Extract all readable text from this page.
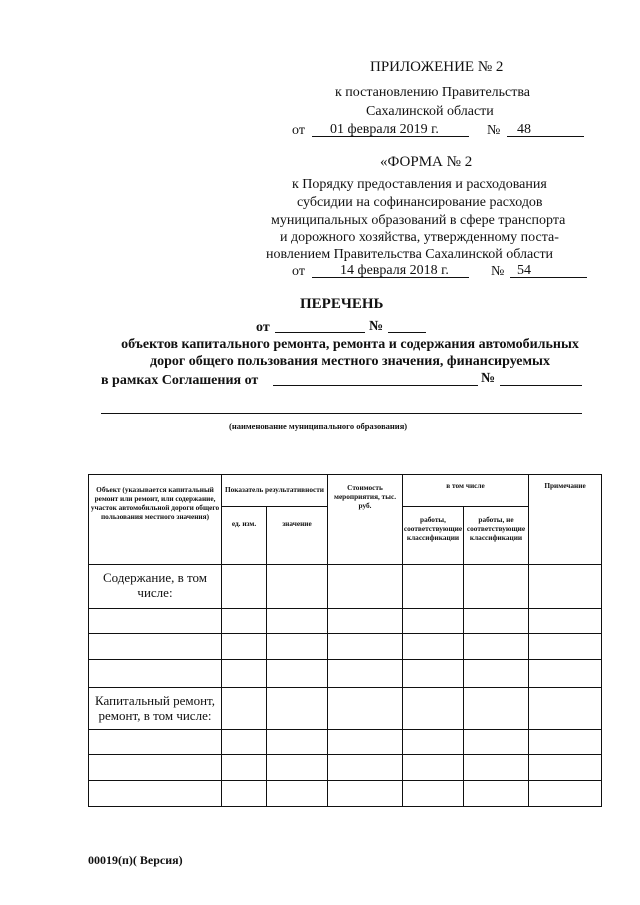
ПРИЛОЖЕНИЕ № 2
к постановлению Правительства
Сахалинской области
от 01 февраля 2019 г.	№ 48
«ФОРМА № 2
к Порядку предоставления и расходования
субсидии на софинансирование расходов
муниципальных образований в сфере транспорта
и дорожного хозяйства, утвержденному поста-
новлением Правительства Сахалинской области
от	14 февраля 2018 г.	№ 54
ПЕРЕЧЕНЬ
от	№
объектов капитального ремонта, ремонта и содержания автомобильных
дорог общего пользования местного значения, финансируемых
в рамках Соглашения от	№
(наименование муниципального образования)
Объект (указывается капитальный ремонт или ремонт, или содержание, участок автомобильной дороги общего пользования местного значения)	Показатель результативности		Стоимость мероприятия, тыс. руб.	в том числе		Примечание
	ед. изм.	значение		работы, соответствующие классификации	работы, не соответствующие классификации	
Содержание, в том числе:						

Капитальный ремонт, ремонт, в том числе:						

00019(п)( Версия)
